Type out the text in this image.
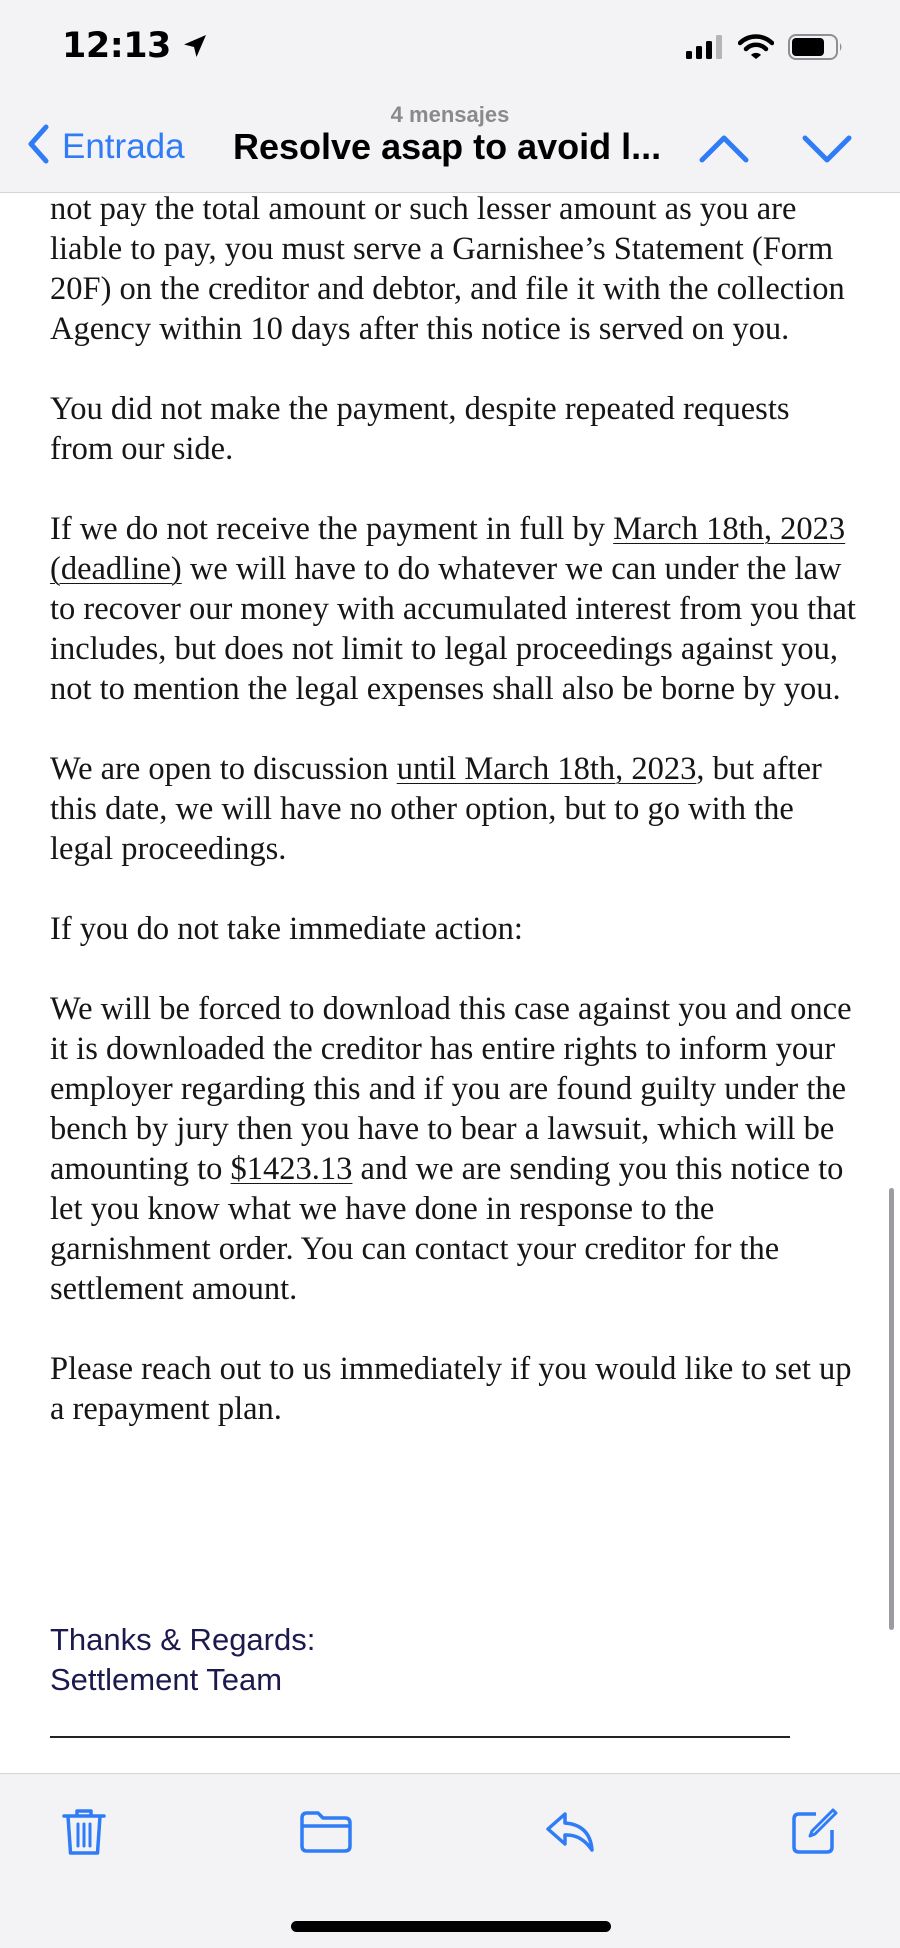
12:13
4 mensajes
Entrada Resolve asap to avoid l...

not pay the total amount or such lesser amount as you are liable to pay, you must serve a Garnishee’s Statement (Form 20F) on the creditor and debtor, and file it with the collection Agency within 10 days after this notice is served on you.

You did not make the payment, despite repeated requests from our side.

If we do not receive the payment in full by March 18th, 2023 (deadline) we will have to do whatever we can under the law to recover our money with accumulated interest from you that includes, but does not limit to legal proceedings against you, not to mention the legal expenses shall also be borne by you.

We are open to discussion until March 18th, 2023, but after this date, we will have no other option, but to go with the legal proceedings.

If you do not take immediate action:

We will be forced to download this case against you and once it is downloaded the creditor has entire rights to inform your employer regarding this and if you are found guilty under the bench by jury then you have to bear a lawsuit, which will be amounting to $1423.13 and we are sending you this notice to let you know what we have done in response to the garnishment order. You can contact your creditor for the settlement amount.

Please reach out to us immediately if you would like to set up a repayment plan.

Thanks & Regards:
Settlement Team
